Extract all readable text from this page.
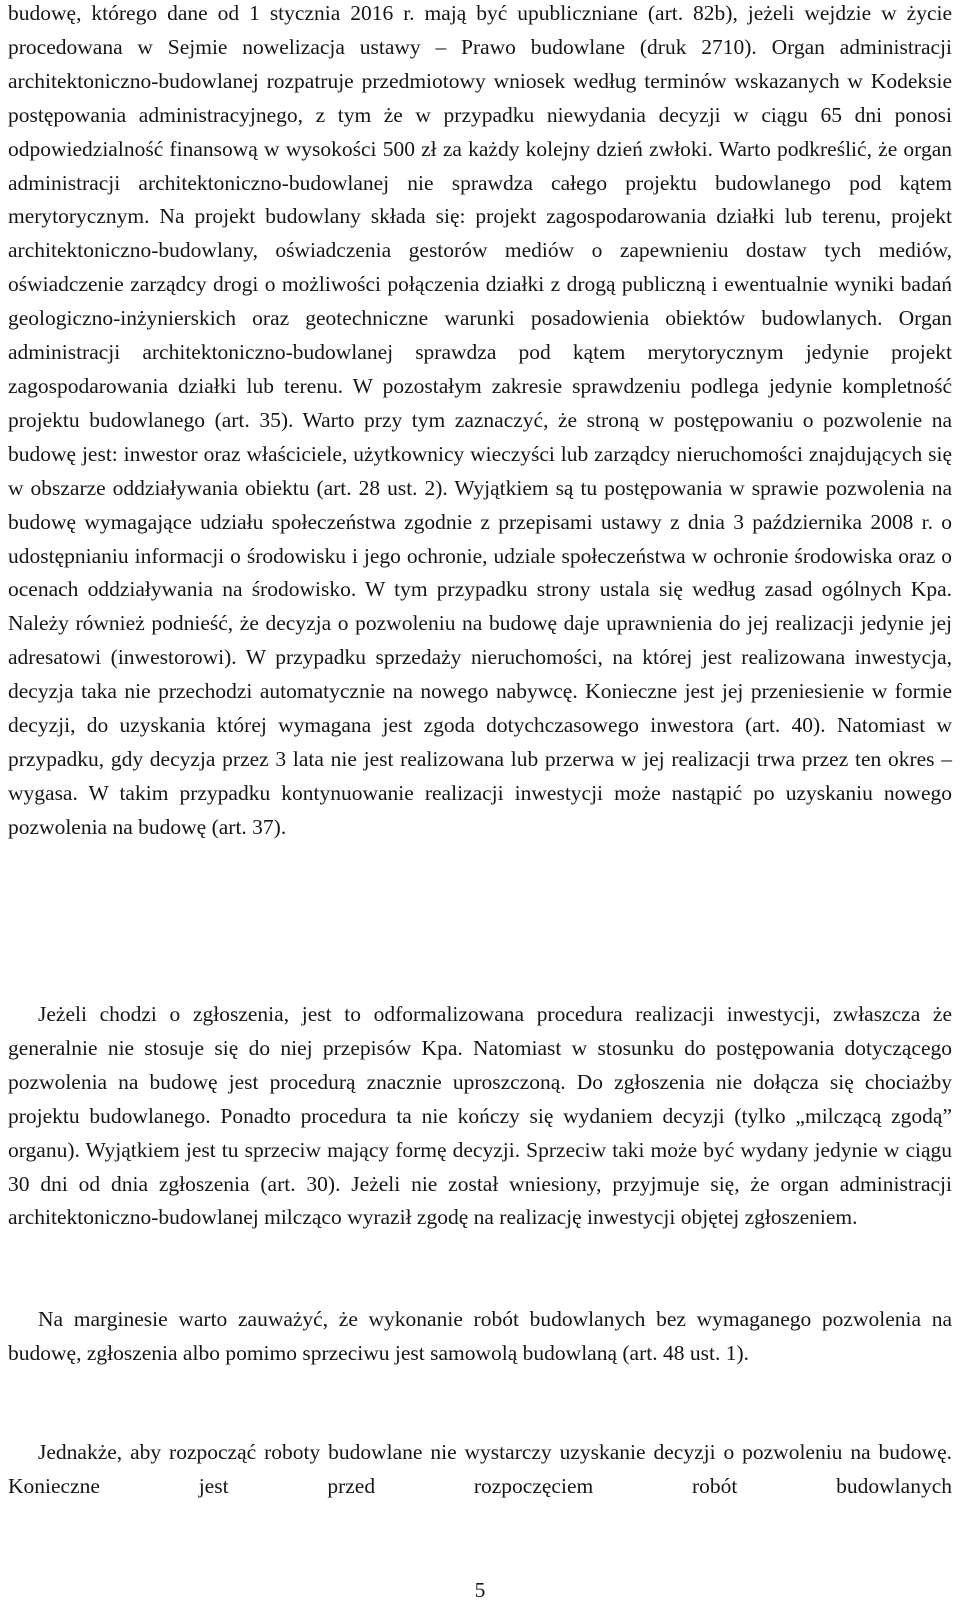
budowę, którego dane od 1 stycznia 2016 r. mają być upubliczniane (art. 82b), jeżeli wejdzie w życie procedowana w Sejmie nowelizacja ustawy – Prawo budowlane (druk 2710). Organ administracji architektoniczno-budowlanej rozpatruje przedmiotowy wniosek według terminów wskazanych w Kodeksie postępowania administracyjnego, z tym że w przypadku niewydania decyzji w ciągu 65 dni ponosi odpowiedzialność finansową w wysokości 500 zł za każdy kolejny dzień zwłoki. Warto podkreślić, że organ administracji architektoniczno-budowlanej nie sprawdza całego projektu budowlanego pod kątem merytorycznym. Na projekt budowlany składa się: projekt zagospodarowania działki lub terenu, projekt architektoniczno-budowlany, oświadczenia gestorów mediów o zapewnieniu dostaw tych mediów, oświadczenie zarządcy drogi o możliwości połączenia działki z drogą publiczną i ewentualnie wyniki badań geologiczno-inżynierskich oraz geotechniczne warunki posadowienia obiektów budowlanych. Organ administracji architektoniczno-budowlanej sprawdza pod kątem merytorycznym jedynie projekt zagospodarowania działki lub terenu. W pozostałym zakresie sprawdzeniu podlega jedynie kompletność projektu budowlanego (art. 35). Warto przy tym zaznaczyć, że stroną w postępowaniu o pozwolenie na budowę jest: inwestor oraz właściciele, użytkownicy wieczyści lub zarządcy nieruchomości znajdujących się w obszarze oddziaływania obiektu (art. 28 ust. 2). Wyjątkiem są tu postępowania w sprawie pozwolenia na budowę wymagające udziału społeczeństwa zgodnie z przepisami ustawy z dnia 3 października 2008 r. o udostępnianiu informacji o środowisku i jego ochronie, udziale społeczeństwa w ochronie środowiska oraz o ocenach oddziaływania na środowisko. W tym przypadku strony ustala się według zasad ogólnych Kpa. Należy również podnieść, że decyzja o pozwoleniu na budowę daje uprawnienia do jej realizacji jedynie jej adresatowi (inwestorowi). W przypadku sprzedaży nieruchomości, na której jest realizowana inwestycja, decyzja taka nie przechodzi automatycznie na nowego nabywcę. Konieczne jest jej przeniesienie w formie decyzji, do uzyskania której wymagana jest zgoda dotychczasowego inwestora (art. 40). Natomiast w przypadku, gdy decyzja przez 3 lata nie jest realizowana lub przerwa w jej realizacji trwa przez ten okres – wygasa. W takim przypadku kontynuowanie realizacji inwestycji może nastąpić po uzyskaniu nowego pozwolenia na budowę (art. 37).

Jeżeli chodzi o zgłoszenia, jest to odformalizowana procedura realizacji inwestycji, zwłaszcza że generalnie nie stosuje się do niej przepisów Kpa. Natomiast w stosunku do postępowania dotyczącego pozwolenia na budowę jest procedurą znacznie uproszczoną. Do zgłoszenia nie dołącza się chociażby projektu budowlanego. Ponadto procedura ta nie kończy się wydaniem decyzji (tylko „milczącą zgodą” organu). Wyjątkiem jest tu sprzeciw mający formę decyzji. Sprzeciw taki może być wydany jedynie w ciągu 30 dni od dnia zgłoszenia (art. 30). Jeżeli nie został wniesiony, przyjmuje się, że organ administracji architektoniczno-budowlanej milcząco wyraził zgodę na realizację inwestycji objętej zgłoszeniem.

Na marginesie warto zauważyć, że wykonanie robót budowlanych bez wymaganego pozwolenia na budowę, zgłoszenia albo pomimo sprzeciwu jest samowolą budowlaną (art. 48 ust. 1).

Jednakże, aby rozpocząć roboty budowlane nie wystarczy uzyskanie decyzji o pozwoleniu na budowę. Konieczne jest przed rozpoczęciem robót budowlanych

5
